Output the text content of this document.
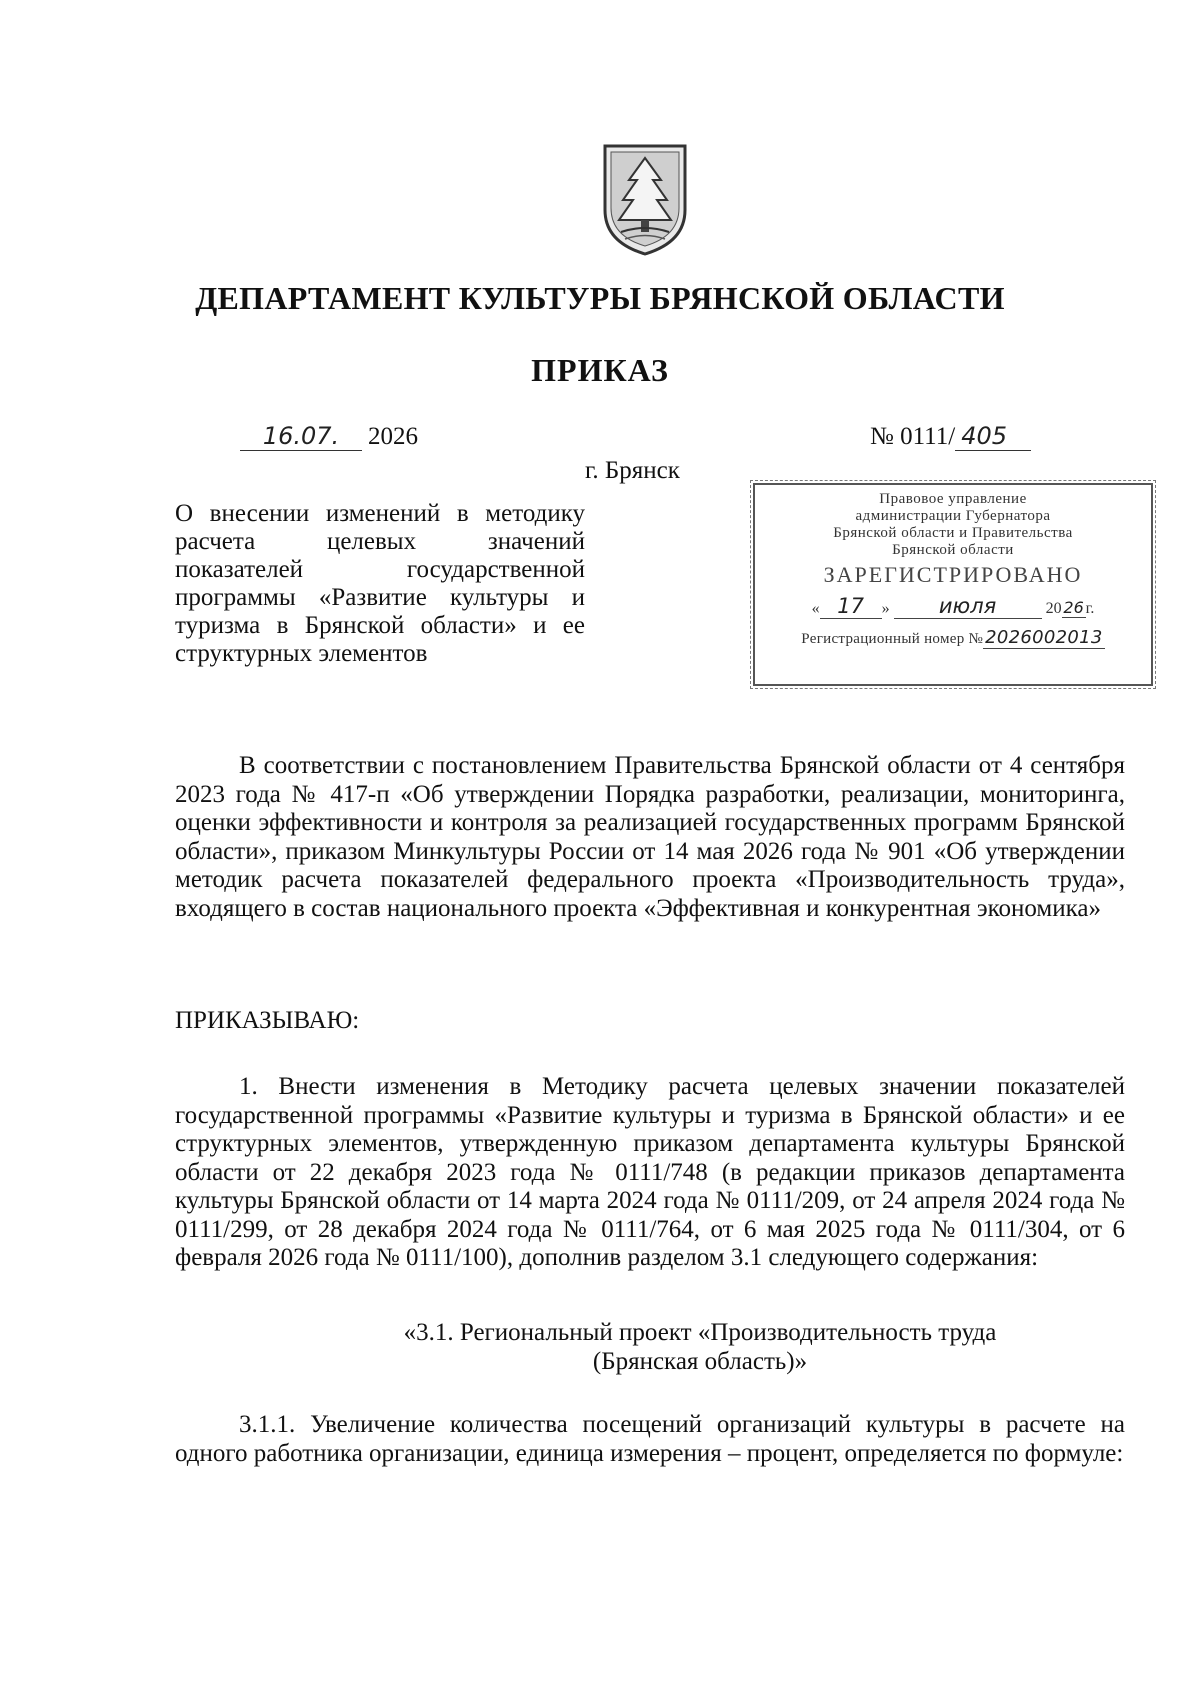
ДЕПАРТАМЕНТ КУЛЬТУРЫ БРЯНСКОЙ ОБЛАСТИ
ПРИКАЗ
16.07. 2026	№ 0111/ 405
г. Брянск
О внесении изменений в методику расчета целевых значений показателей государственной программы «Развитие культуры и туризма в Брянской области» и ее структурных элементов
Правовое управление
администрации Губернатора
Брянской области и Правительства
Брянской области
ЗАРЕГИСТРИРОВАНО
« 17 » июля	20 26 г.
Регистрационный номер № 2026002013
В соответствии с постановлением Правительства Брянской области от 4 сентября 2023 года № 417-п «Об утверждении Порядка разработки, реализации, мониторинга, оценки эффективности и контроля за реализацией государственных программ Брянской области», приказом Минкультуры России от 14 мая 2026 года № 901 «Об утверждении методик расчета показателей федерального проекта «Производительность труда», входящего в состав национального проекта «Эффективная и конкурентная экономика»
ПРИКАЗЫВАЮ:
1. Внести изменения в Методику расчета целевых значении показателей государственной программы «Развитие культуры и туризма в Брянской области» и ее структурных элементов, утвержденную приказом департамента культуры Брянской области от 22 декабря 2023 года № 0111/748 (в редакции приказов департамента культуры Брянской области от 14 марта 2024 года № 0111/209, от 24 апреля 2024 года № 0111/299, от 28 декабря 2024 года № 0111/764, от 6 мая 2025 года № 0111/304, от 6 февраля 2026 года № 0111/100), дополнив разделом 3.1 следующего содержания:
«3.1. Региональный проект «Производительность труда
(Брянская область)»
3.1.1. Увеличение количества посещений организаций культуры в расчете на одного работника организации, единица измерения – процент, определяется по формуле:
